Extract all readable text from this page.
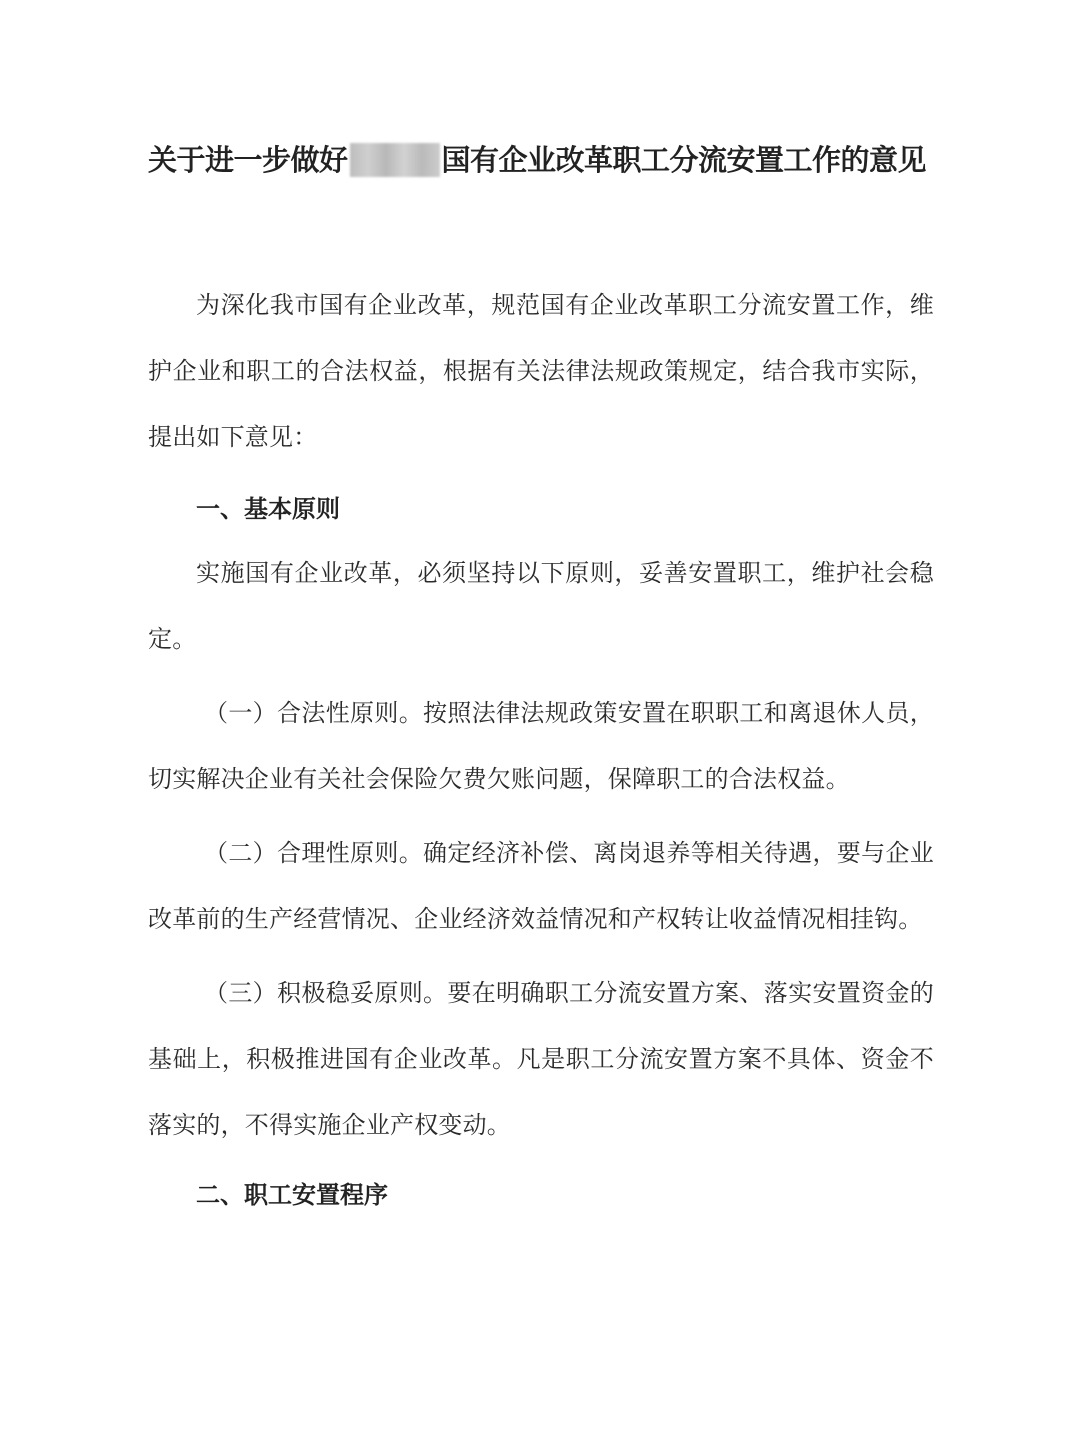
关于进一步做好	国有企业改革职工分流安置工作的意见

为深化我市国有企业改革，规范国有企业改革职工分流安置工作，维护企业和职工的合法权益，根据有关法律法规政策规定，结合我市实际，提出如下意见：

一、基本原则

实施国有企业改革，必须坚持以下原则，妥善安置职工，维护社会稳定。

（一）合法性原则。按照法律法规政策安置在职职工和离退休人员，切实解决企业有关社会保险欠费欠账问题，保障职工的合法权益。

（二）合理性原则。确定经济补偿、离岗退养等相关待遇，要与企业改革前的生产经营情况、企业经济效益情况和产权转让收益情况相挂钩。

（三）积极稳妥原则。要在明确职工分流安置方案、落实安置资金的基础上，积极推进国有企业改革。凡是职工分流安置方案不具体、资金不落实的，不得实施企业产权变动。

二、职工安置程序
